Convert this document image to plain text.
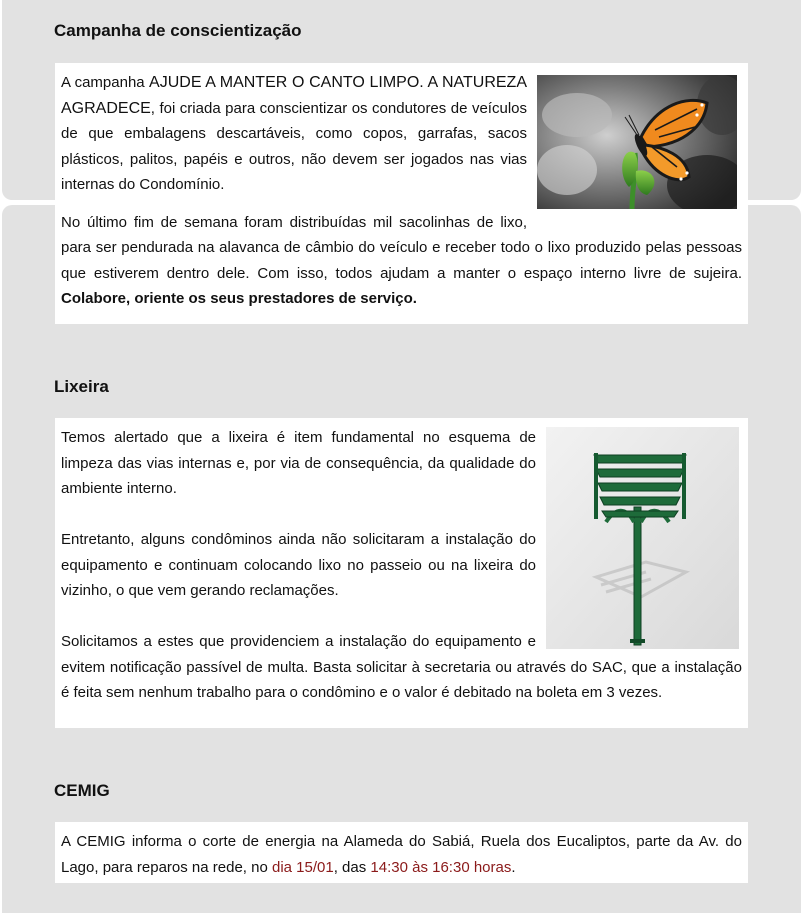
Campanha de conscientização

A campanha AJUDE A MANTER O CANTO LIMPO. A NATUREZA AGRADECE, foi criada para conscientizar os condutores de veículos de que embalagens descartáveis, como copos, garrafas, sacos plásticos, palitos, papéis e outros, não devem ser jogados nas vias internas do Condomínio.

No último fim de semana foram distribuídas mil sacolinhas de lixo, para ser pendurada na alavanca de câmbio do veículo e receber todo o lixo produzido pelas pessoas que estiverem dentro dele. Com isso, todos ajudam a manter o espaço interno livre de sujeira. Colabore, oriente os seus prestadores de serviço.

Lixeira

Temos alertado que a lixeira é item fundamental no esquema de limpeza das vias internas e, por via de consequência, da qualidade do ambiente interno.

Entretanto, alguns condôminos ainda não solicitaram a instalação do equipamento e continuam colocando lixo no passeio ou na lixeira do vizinho, o que vem gerando reclamações.

Solicitamos a estes que providenciem a instalação do equipamento e evitem notificação passível de multa. Basta solicitar à secretaria ou através do SAC, que a instalação é feita sem nenhum trabalho para o condômino e o valor é debitado na boleta em 3 vezes.

CEMIG

A CEMIG informa o corte de energia na Alameda do Sabiá, Ruela dos Eucaliptos, parte da Av. do Lago, para reparos na rede, no dia 15/01, das 14:30 às 16:30 horas.
